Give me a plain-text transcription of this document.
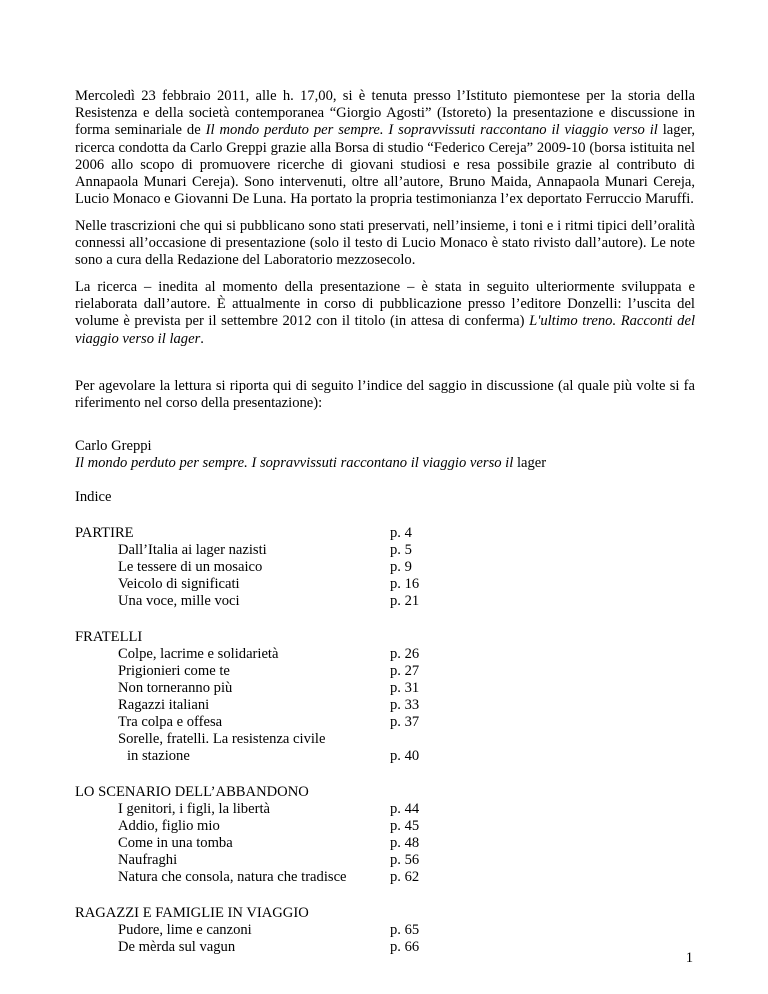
Mercoledì 23 febbraio 2011, alle h. 17,00, si è tenuta presso l’Istituto piemontese per la storia della Resistenza e della società contemporanea “Giorgio Agosti” (Istoreto) la presentazione e discussione in forma seminariale de Il mondo perduto per sempre. I sopravvissuti raccontano il viaggio verso il lager, ricerca condotta da Carlo Greppi grazie alla Borsa di studio “Federico Cereja” 2009-10 (borsa istituita nel 2006 allo scopo di promuovere ricerche di giovani studiosi e resa possibile grazie al contributo di Annapaola Munari Cereja). Sono intervenuti, oltre all’autore, Bruno Maida, Annapaola Munari Cereja, Lucio Monaco e Giovanni De Luna. Ha portato la propria testimonianza l’ex deportato Ferruccio Maruffi.

Nelle trascrizioni che qui si pubblicano sono stati preservati, nell’insieme, i toni e i ritmi tipici dell’oralità connessi all’occasione di presentazione (solo il testo di Lucio Monaco è stato rivisto dall’autore). Le note sono a cura della Redazione del Laboratorio mezzosecolo.

La ricerca – inedita al momento della presentazione – è stata in seguito ulteriormente sviluppata e rielaborata dall’autore. È attualmente in corso di pubblicazione presso l’editore Donzelli: l’uscita del volume è prevista per il settembre 2012 con il titolo (in attesa di conferma) L'ultimo treno. Racconti del viaggio verso il lager.

Per agevolare la lettura si riporta qui di seguito l’indice del saggio in discussione (al quale più volte si fa riferimento nel corso della presentazione):

Carlo Greppi

Il mondo perduto per sempre. I sopravvissuti raccontano il viaggio verso il lager

Indice

PARTIRE
Dall’Italia ai lager nazisti
Le tessere di un mosaico
Veicolo di significati
Una voce, mille voci
p. 4
p. 5
p. 9
p. 16
p. 21
FRATELLI
Colpe, lacrime e solidarietà
Prigionieri come te
Non torneranno più
Ragazzi italiani
Tra colpa e offesa
Sorelle, fratelli. La resistenza civile
in stazione
p. 26
p. 27
p. 31
p. 33
p. 37
p. 40
LO SCENARIO DELL’ABBANDONO
I genitori, i figli, la libertà
Addio, figlio mio
Come in una tomba
Naufraghi
Natura che consola, natura che tradisce
p. 44
p. 45
p. 48
p. 56
p. 62
RAGAZZI E FAMIGLIE IN VIAGGIO
Pudore, lime e canzoni
De mèrda sul vagun
p. 65
p. 66
1
